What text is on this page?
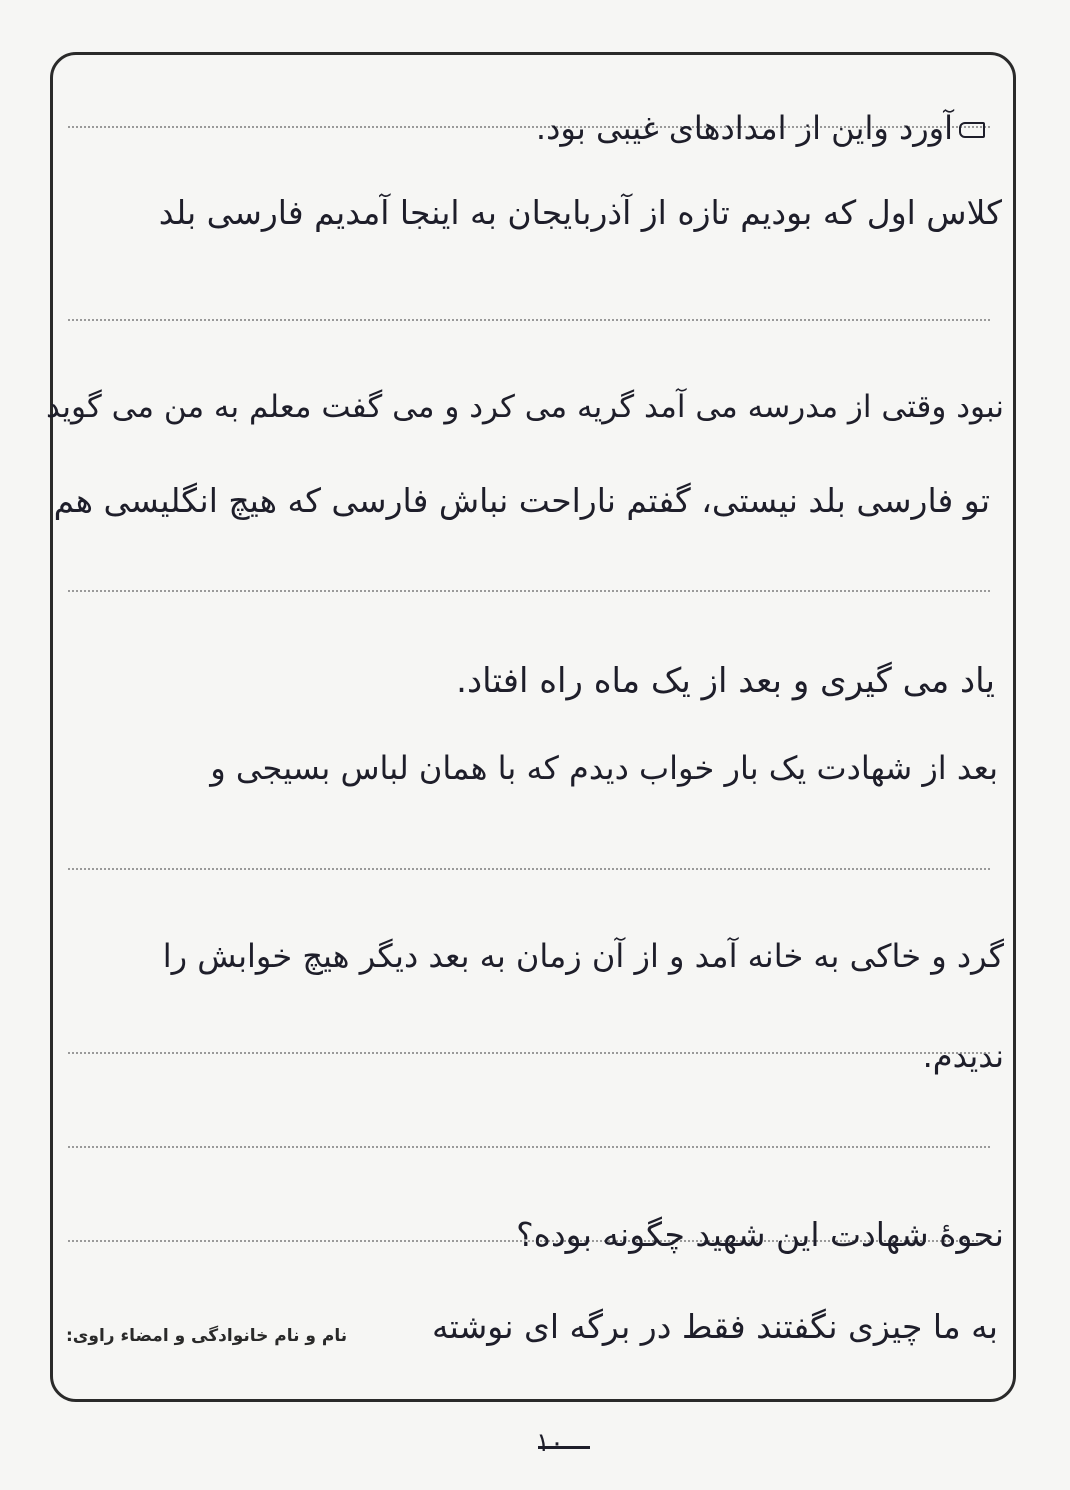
آورد واین از امدادهای غیبی بود.
کلاس اول که بودیم تازه از آذربایجان به اینجا آمدیم فارسی بلد
نبود وقتی از مدرسه می آمد گریه می کرد و می گفت معلم به من می گوید
تو فارسی بلد نیستی، گفتم ناراحت نباش فارسی که هیچ انگلیسی هم
یاد می گیری و بعد از یک ماه راه افتاد.
بعد از شهادت یک بار خواب دیدم که با همان لباس بسیجی و
گرد و خاکی به خانه آمد و از آن زمان به بعد دیگر هیچ خوابش را
ندیدم.
نحوهٔ شهادت این شهید چگونه بوده؟
به ما چیزی نگفتند فقط در برگه ای نوشته
نام و نام خانوادگی و امضاء راوی:
۱۰
